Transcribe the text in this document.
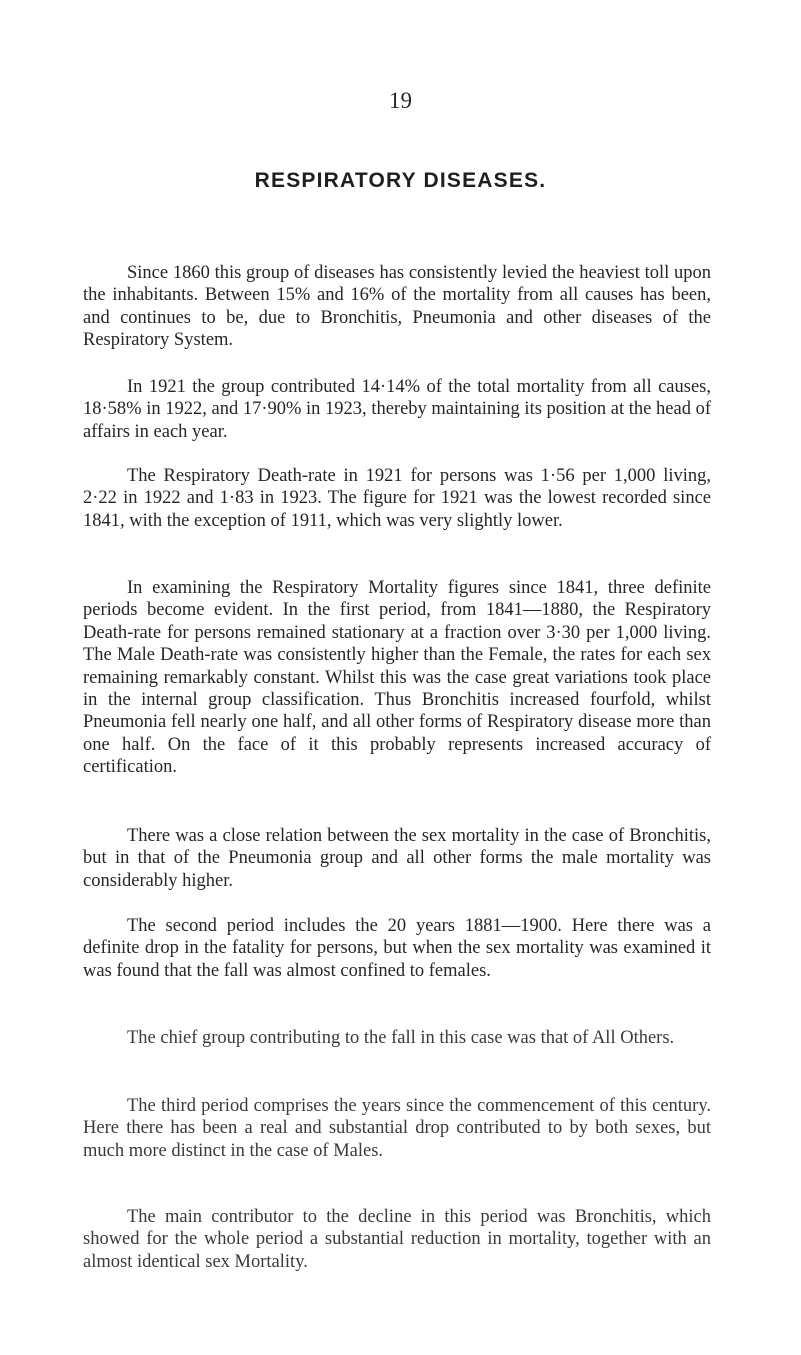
19
RESPIRATORY DISEASES.

Since 1860 this group of diseases has consistently levied the heaviest toll upon the inhabitants. Between 15% and 16% of the mortality from all causes has been, and continues to be, due to Bronchitis, Pneumonia and other diseases of the Respiratory System.

In 1921 the group contributed 14·14% of the total mortality from all causes, 18·58% in 1922, and 17·90% in 1923, thereby maintaining its position at the head of affairs in each year.

The Respiratory Death-rate in 1921 for persons was 1·56 per 1,000 living, 2·22 in 1922 and 1·83 in 1923. The figure for 1921 was the lowest recorded since 1841, with the exception of 1911, which was very slightly lower.

In examining the Respiratory Mortality figures since 1841, three definite periods become evident. In the first period, from 1841—1880, the Respiratory Death-rate for persons remained stationary at a fraction over 3·30 per 1,000 living. The Male Death-rate was consistently higher than the Female, the rates for each sex remaining remarkably constant. Whilst this was the case great variations took place in the internal group classification. Thus Bronchitis increased fourfold, whilst Pneumonia fell nearly one half, and all other forms of Respiratory disease more than one half. On the face of it this probably represents increased accuracy of certification.

There was a close relation between the sex mortality in the case of Bronchitis, but in that of the Pneumonia group and all other forms the male mortality was considerably higher.

The second period includes the 20 years 1881—1900. Here there was a definite drop in the fatality for persons, but when the sex mortality was examined it was found that the fall was almost confined to females.

The chief group contributing to the fall in this case was that of All Others.

The third period comprises the years since the commencement of this century. Here there has been a real and substantial drop contributed to by both sexes, but much more distinct in the case of Males.

The main contributor to the decline in this period was Bronchitis, which showed for the whole period a substantial reduction in mortality, together with an almost identical sex Mortality.
